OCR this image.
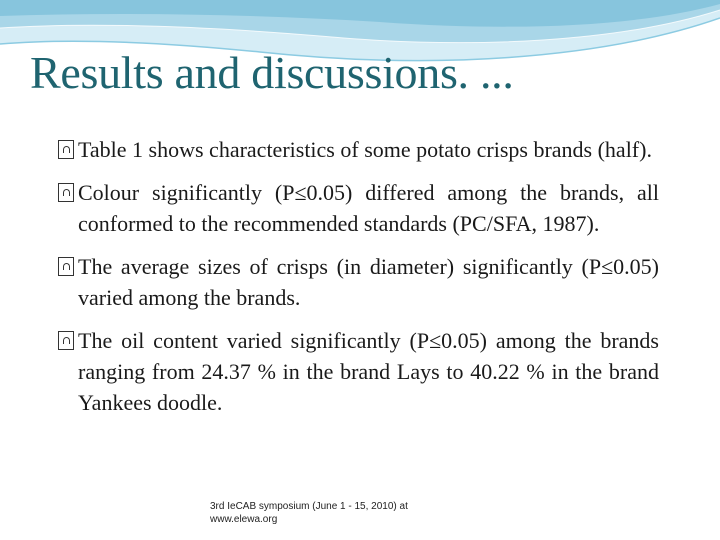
Results and discussions. ...

Table 1 shows characteristics of some potato crisps brands (half).

Colour significantly (P≤0.05) differed among the brands, all conformed to the recommended standards (PC/SFA, 1987).

The average sizes of crisps (in diameter) significantly (P≤0.05) varied among the brands.

The oil content varied significantly (P≤0.05) among the brands ranging from 24.37 % in the brand Lays to 40.22 % in the brand Yankees doodle.

3rd IeCAB symposium (June 1 - 15, 2010) at
www.elewa.org
